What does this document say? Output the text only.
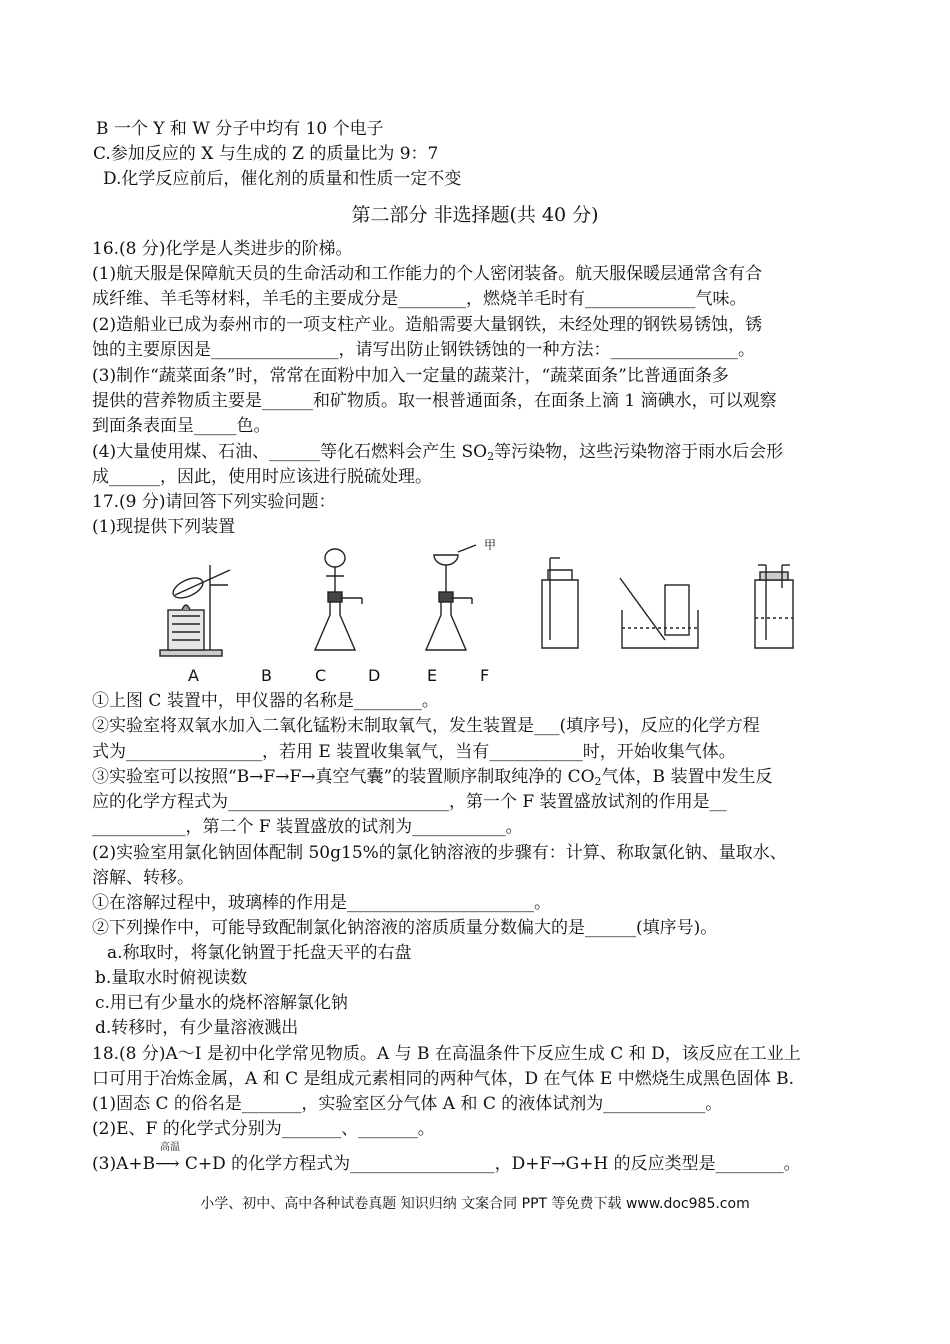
B 一个 Y 和 W 分子中均有 10 个电子
C.参加反应的 X 与生成的 Z 的质量比为 9：7
D.化学反应前后，催化剂的质量和性质一定不变
第二部分 非选择题(共 40 分)
16.(8 分)化学是人类进步的阶梯。
(1)航天服是保障航天员的生命活动和工作能力的个人密闭装备。航天服保暖层通常含有合
成纤维、羊毛等材料，羊毛的主要成分是________，燃烧羊毛时有_____________气味。
(2)造船业已成为泰州市的一项支柱产业。造船需要大量钢铁，未经处理的钢铁易锈蚀，锈
蚀的主要原因是_______________，请写出防止钢铁锈蚀的一种方法：_______________。
(3)制作“蔬菜面条”时，常常在面粉中加入一定量的蔬菜汁，“蔬菜面条”比普通面条多
提供的营养物质主要是______和矿物质。取一根普通面条，在面条上滴 1 滴碘水，可以观察
到面条表面呈_____色。
(4)大量使用煤、石油、______等化石燃料会产生 $SO_2$等污染物，这些污染物溶于雨水后会形
成______，因此，使用时应该进行脱硫处理。
17.(9 分)请回答下列实验问题：
(1)现提供下列装置
甲
A	B	C	D	E	F
①上图 C 装置中，甲仪器的名称是________。
②实验室将双氧水加入二氧化锰粉末制取氧气，发生装置是___(填序号)，反应的化学方程
式为________________，若用 E 装置收集氧气，当有___________时，开始收集气体。
③实验室可以按照“B→F→F→真空气囊”的装置顺序制取纯净的 $CO_2$气体，B 装置中发生反
应的化学方程式为__________________________，第一个 F 装置盛放试剂的作用是__
___________，第二个 F 装置盛放的试剂为___________。
(2)实验室用氯化钠固体配制 50g15%的氯化钠溶液的步骤有：计算、称取氯化钠、量取水、
溶解、转移。
①在溶解过程中，玻璃棒的作用是______________________。
②下列操作中，可能导致配制氯化钠溶液的溶质质量分数偏大的是______(填序号)。
a.称取时，将氯化钠置于托盘天平的右盘
b.量取水时俯视读数
c.用已有少量水的烧杯溶解氯化钠
d.转移时，有少量溶液溅出
18.(8 分)A～I 是初中化学常见物质。A 与 B 在高温条件下反应生成 C 和 D，该反应在工业上
口可用于冶炼金属，A 和 C 是组成元素相同的两种气体，D 在气体 E 中燃烧生成黑色固体 B.
(1)固态 C 的俗名是_______，实验室区分气体 A 和 C 的液体试剂为____________。
(2)E、F 的化学式分别为_______、_______。
高温
(3)A+B⟶ C+D 的化学方程式为_________________，D+F→G+H 的反应类型是________。
小学、初中、高中各种试卷真题 知识归纳 文案合同 PPT 等免费下载 www.doc985.com
